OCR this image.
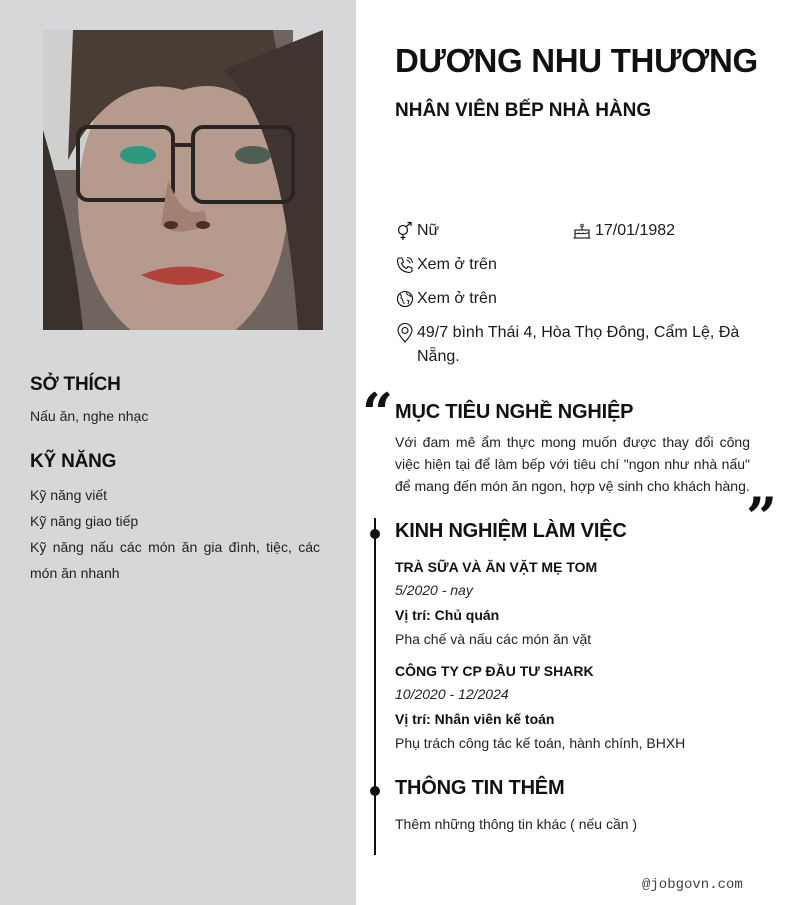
SỞ THÍCH
Nấu ăn, nghe nhạc
KỸ NĂNG
Kỹ năng viết
Kỹ năng giao tiếp
Kỹ năng nấu các món ăn gia đình, tiệc, các món ăn nhanh
DƯƠNG NHU THƯƠNG
NHÂN VIÊN BẾP NHÀ HÀNG
Nữ	17/01/1982
Xem ở trên
Xem ở trên
49/7 bình Thái 4, Hòa Thọ Đông, Cẩm Lệ, Đà Nẵng.
“ MỤC TIÊU NGHỀ NGHIỆP
Với đam mê ẩm thực mong muốn được thay đổi công việc hiện tại để làm bếp với tiêu chí "ngon như nhà nấu" để mang đến món ăn ngon, hợp vệ sinh cho khách hàng.
”
KINH NGHIỆM LÀM VIỆC
TRÀ SỮA VÀ ĂN VẶT MẸ TOM
5/2020 - nay
Vị trí: Chủ quán
Pha chế và nấu các món ăn vặt
CÔNG TY CP ĐẦU TƯ SHARK
10/2020 - 12/2024
Vị trí: Nhân viên kế toán
Phụ trách công tác kế toán, hành chính, BHXH
THÔNG TIN THÊM
Thêm những thông tin khác ( nếu cần )
@jobgovn.com
